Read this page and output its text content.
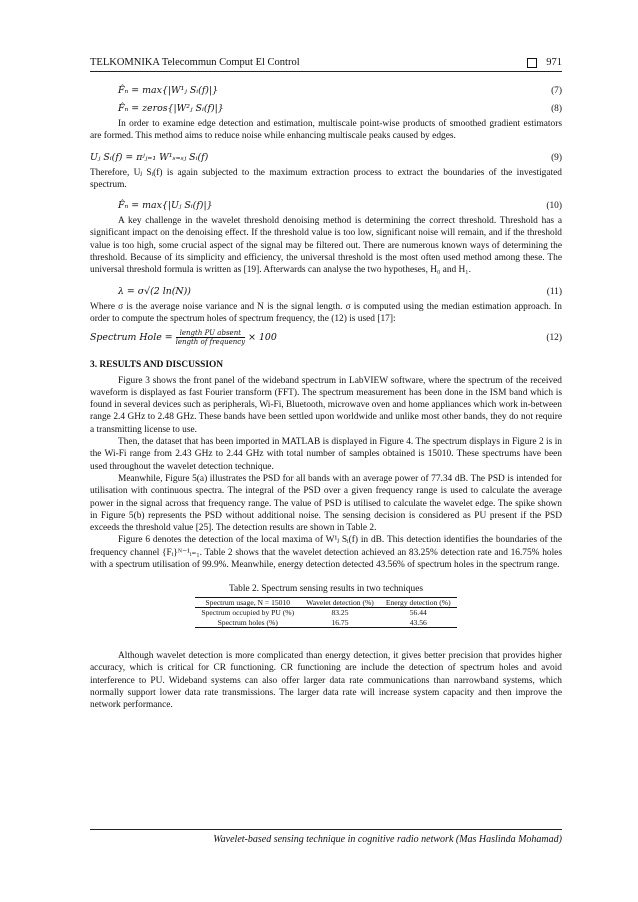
TELKOMNIKA Telecommun Comput El Control	971
F̂ₙ = max{|W¹ⱼ Sᵢ(f)|}	(7)
F̂ₙ = zeros{|W²ⱼ Sᵢ(f)|}	(8)

In order to examine edge detection and estimation, multiscale point-wise products of smoothed gradient estimators are formed. This method aims to reduce noise while enhancing multiscale peaks caused by edges.

Uⱼ Sᵢ(f) = πʲⱼ₌₁ W¹ₛ₌ₛⱼ Sᵢ(f)	(9)

Therefore, Uⱼ Sᵢ(f) is again subjected to the maximum extraction process to extract the boundaries of the investigated spectrum.

F̂ₙ = max{|Uⱼ Sᵢ(f)|}	(10)

A key challenge in the wavelet threshold denoising method is determining the correct threshold. Threshold has a significant impact on the denoising effect. If the threshold value is too low, significant noise will remain, and if the threshold value is too high, some crucial aspect of the signal may be filtered out. There are numerous known ways of determining the threshold. Because of its simplicity and efficiency, the universal threshold is the most often used method among these. The universal threshold formula is written as [19]. Afterwards can analyse the two hypotheses, H₀ and H₁.

λ = σ√(2 ln(N))	(11)

Where σ is the average noise variance and N is the signal length. σ is computed using the median estimation approach. In order to compute the spectrum holes of spectrum frequency, the (12) is used [17]:

Spectrum Hole = $\frac{\text{length PU absent}}{\text{length of frequency}} \times 100$	(12)
3. RESULTS AND DISCUSSION

Figure 3 shows the front panel of the wideband spectrum in LabVIEW software, where the spectrum of the received waveform is displayed as fast Fourier transform (FFT). The spectrum measurement has been done in the ISM band which is found in several devices such as peripherals, Wi-Fi, Bluetooth, microwave oven and home appliances which work in-between range 2.4 GHz to 2.48 GHz. These bands have been settled upon worldwide and unlike most other bands, they do not require a transmitting license to use.

Then, the dataset that has been imported in MATLAB is displayed in Figure 4. The spectrum displays in Figure 2 is in the Wi-Fi range from 2.43 GHz to 2.44 GHz with total number of samples obtained is 15010. These spectrums have been used throughout the wavelet detection technique.

Meanwhile, Figure 5(a) illustrates the PSD for all bands with an average power of 77.34 dB. The PSD is intended for utilisation with continuous spectra. The integral of the PSD over a given frequency range is used to calculate the average power in the signal across that frequency range. The value of PSD is utilised to calculate the wavelet edge. The spike shown in Figure 5(b) represents the PSD without additional noise. The sensing decision is considered as PU present if the PSD exceeds the threshold value [25]. The detection results are shown in Table 2.

Figure 6 denotes the detection of the local maxima of W¹ⱼ Sᵢ(f) in dB. This detection identifies the boundaries of the frequency channel {Fᵢ}ᴺ⁻¹ᵢ₌₁. Table 2 shows that the wavelet detection achieved an 83.25% detection rate and 16.75% holes with a spectrum utilisation of 99.9%. Meanwhile, energy detection detected 43.56% of spectrum holes in the spectrum range.

Table 2. Spectrum sensing results in two techniques
Spectrum usage, N = 15010	Wavelet detection (%)	Energy detection (%)
Spectrum occupied by PU (%)	83.25	56.44
Spectrum holes (%)	16.75	43.56

Although wavelet detection is more complicated than energy detection, it gives better precision that provides higher accuracy, which is critical for CR functioning. CR functioning are include the detection of spectrum holes and avoid interference to PU. Wideband systems can also offer larger data rate communications than narrowband systems, which normally support lower data rate transmissions. The larger data rate will increase system capacity and then improve the network performance.

Wavelet-based sensing technique in cognitive radio network (Mas Haslinda Mohamad)
